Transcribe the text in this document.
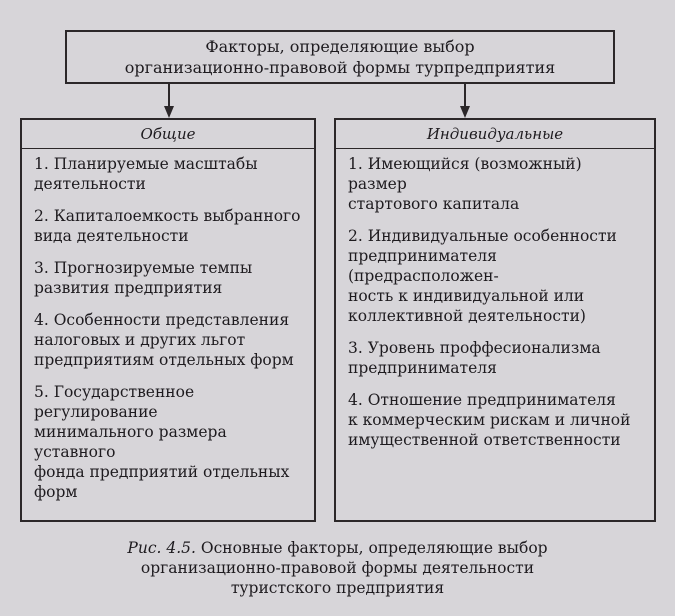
Факторы, определяющие выбор
организационно-правовой формы турпредприятия
Общие
1. Планируемые масштабы
деятельности
2. Капиталоемкость выбранного
вида деятельности
3. Прогнозируемые темпы
развития предприятия
4. Особенности представления
налоговых и других льгот
предприятиям отдельных форм
5. Государственное регулирование
минимального размера уставного
фонда предприятий отдельных
форм
Индивидуальные
1. Имеющийся (возможный) размер
стартового капитала
2. Индивидуальные особенности
предпринимателя (предрасположен-
ность к индивидуальной или
коллективной деятельности)
3. Уровень проффесионализма
предпринимателя
4. Отношение предпринимателя
к коммерческим рискам и личной
имущественной ответственности
Рис. 4.5. Основные факторы, определяющие выбор
организационно-правовой формы деятельности
туристского предприятия
